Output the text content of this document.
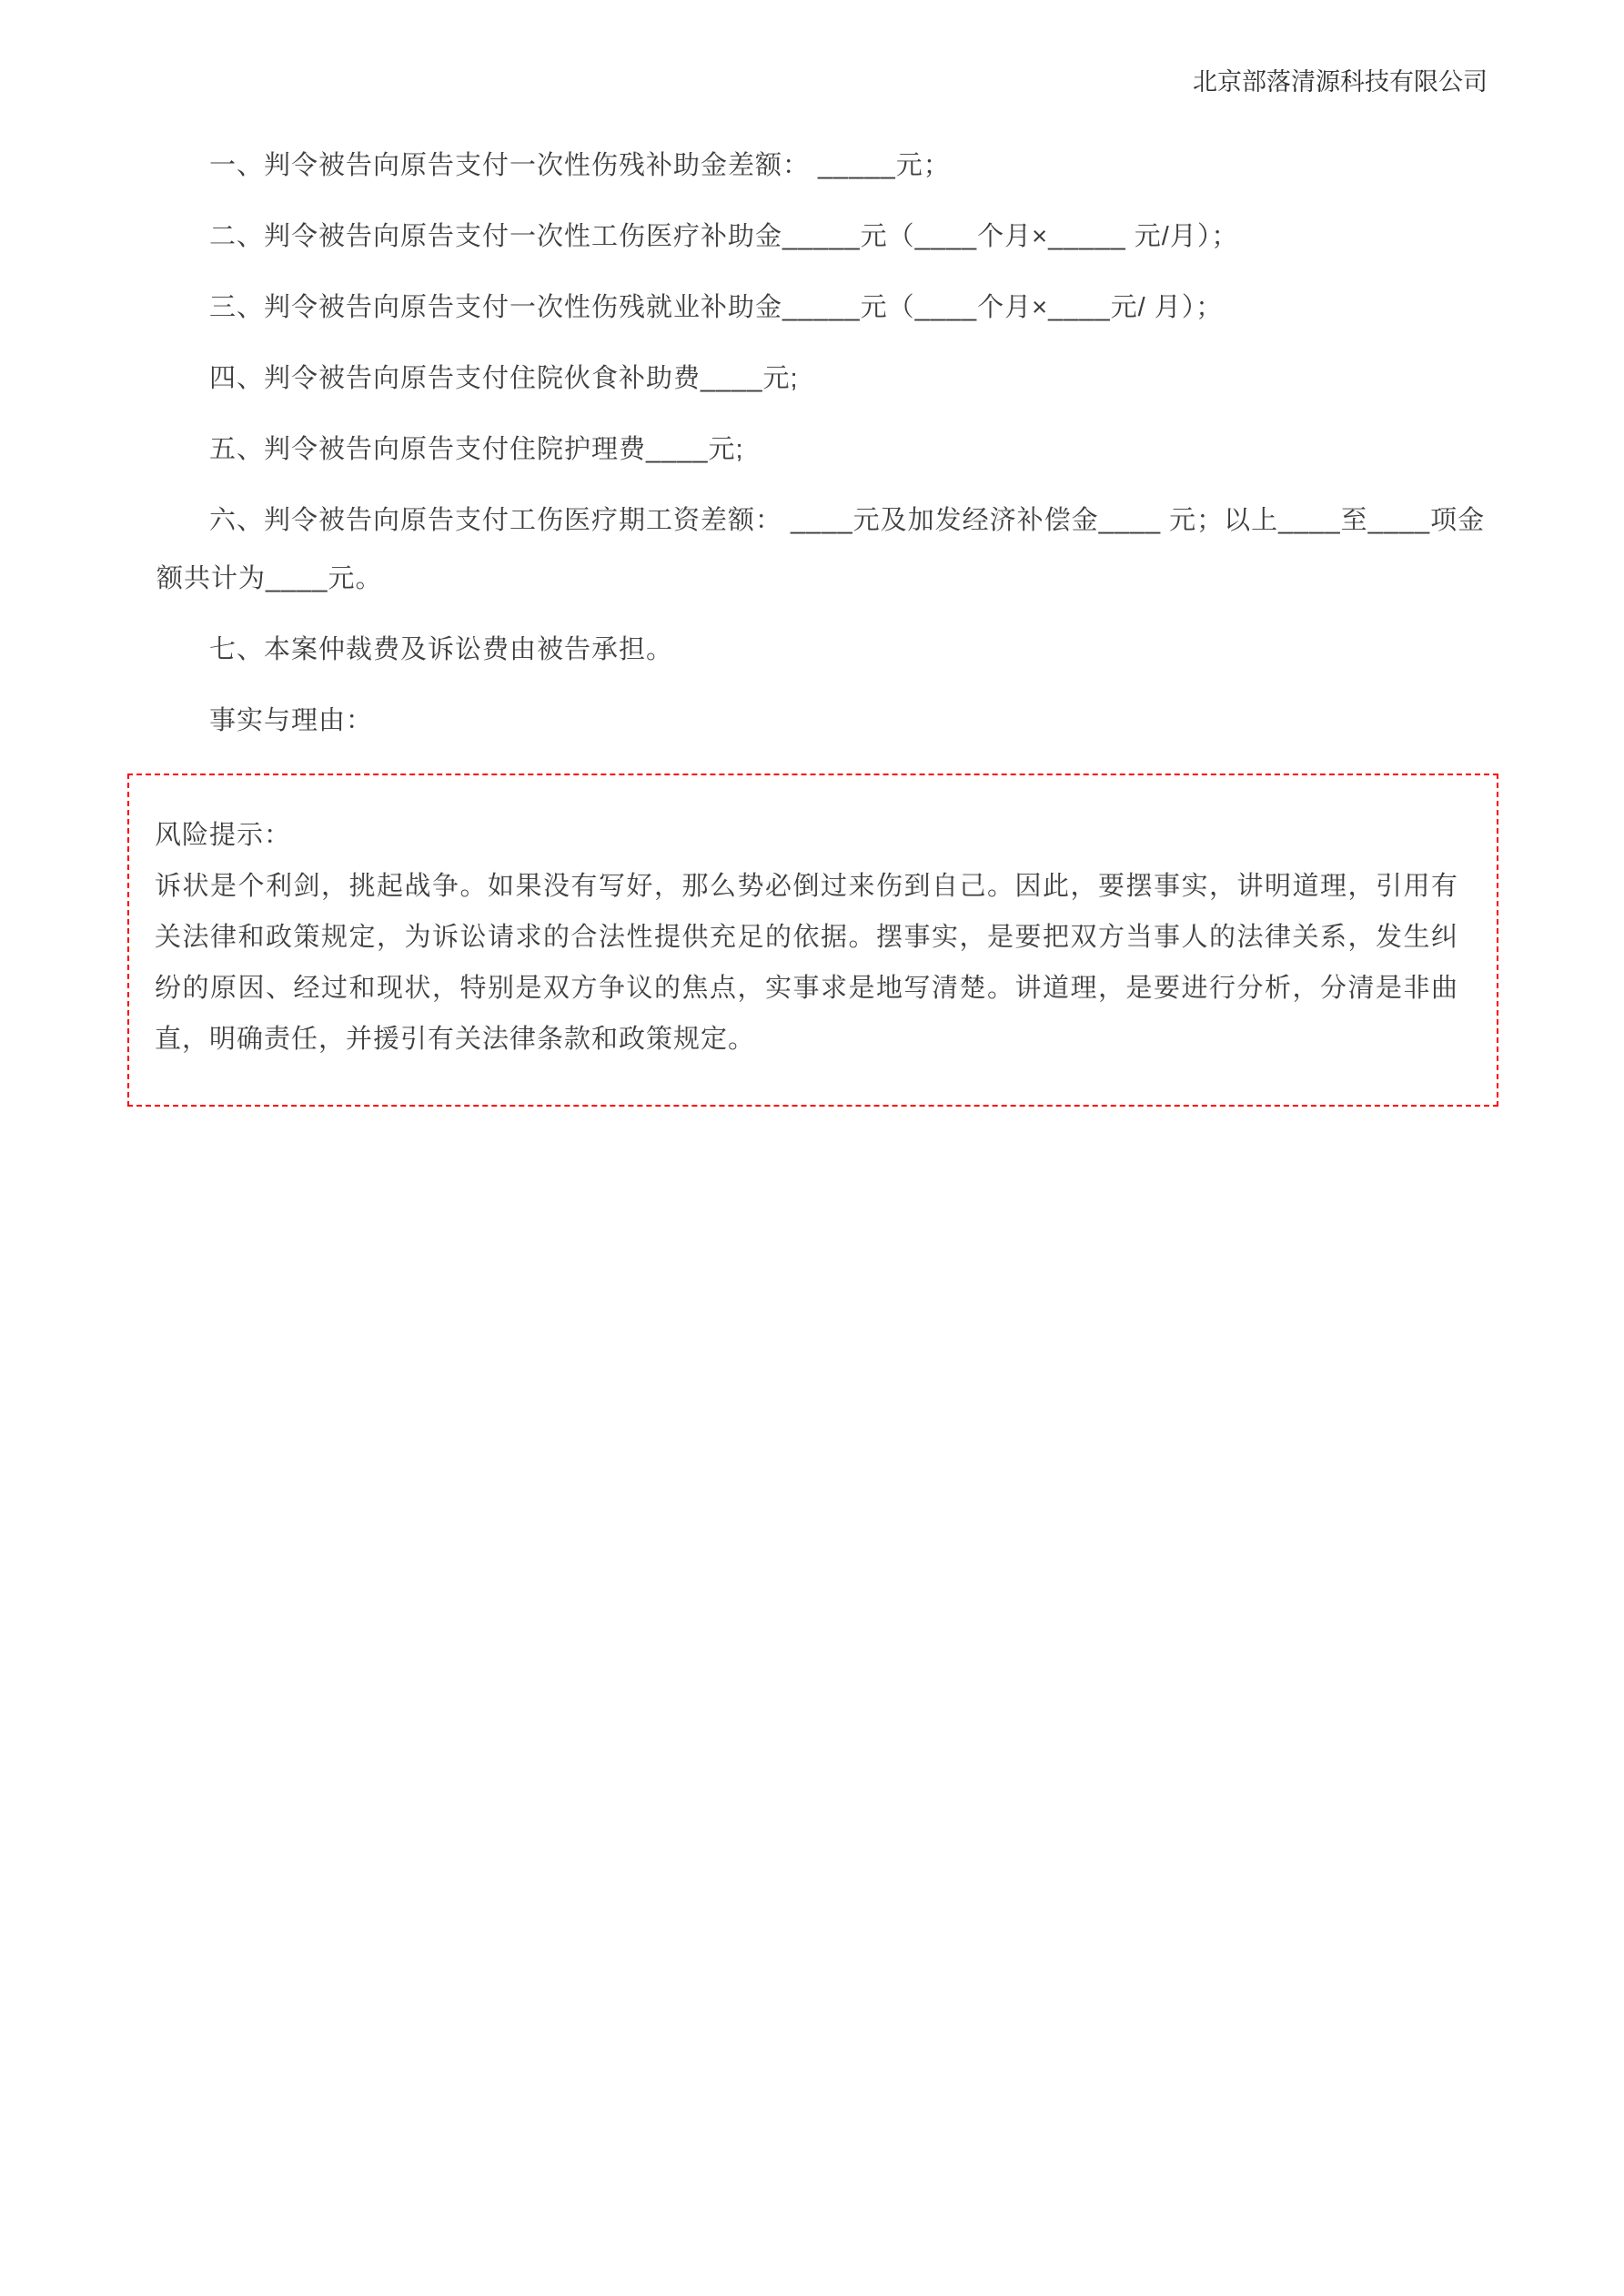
北京部落清源科技有限公司

一、判令被告向原告支付一次性伤残补助金差额： _____元；

二、判令被告向原告支付一次性工伤医疗补助金_____元（____个月×_____ 元/月）；

三、判令被告向原告支付一次性伤残就业补助金_____元（____个月×____元/ 月）；

四、判令被告向原告支付住院伙食补助费____元;

五、判令被告向原告支付住院护理费____元;

六、判令被告向原告支付工伤医疗期工资差额： ____元及加发经济补偿金____ 元；以上____至____项金额共计为____元。

七、本案仲裁费及诉讼费由被告承担。

事实与理由：

风险提示：

诉状是个利剑，挑起战争。如果没有写好，那么势必倒过来伤到自己。因此，要摆事实，讲明道理，引用有关法律和政策规定，为诉讼请求的合法性提供充足的依据。摆事实，是要把双方当事人的法律关系，发生纠纷的原因、经过和现状，特别是双方争议的焦点，实事求是地写清楚。讲道理，是要进行分析，分清是非曲直，明确责任，并援引有关法律条款和政策规定。
